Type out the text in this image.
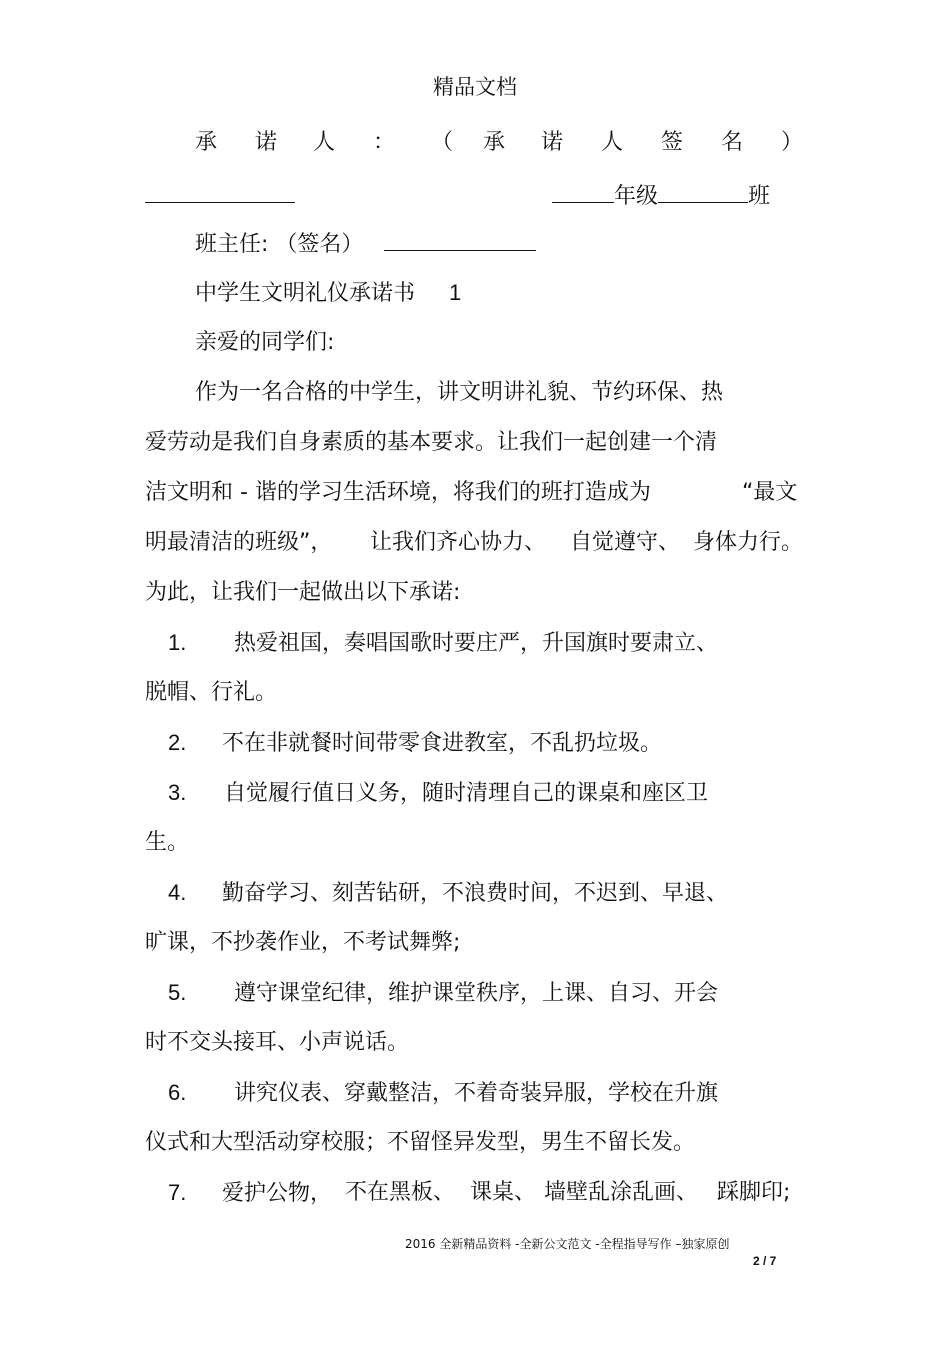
精品文档
承 诺 人 ： （ 承 诺 人 签 名 ）
年级	班
班主任: （签名）
中学生文明礼仪承诺书 1
亲爱的同学们:
作为一名合格的中学生，讲文明讲礼貌、节约环保、热
爱劳动是我们自身素质的基本要求。让我们一起创建一个清
洁文明和 - 谐的学习生活环境，将我们的班打造成为	“最文
明最清洁的班级”， 让我们齐心协力、 自觉遵守、 身体力行。
为此，让我们一起做出以下承诺:
1. 热爱祖国，奏唱国歌时要庄严，升国旗时要肃立、
脱帽、行礼。
2. 不在非就餐时间带零食进教室，不乱扔垃圾。
3. 自觉履行值日义务，随时清理自己的课桌和座区卫
生。
4. 勤奋学习、刻苦钻研，不浪费时间，不迟到、早退、
旷课，不抄袭作业，不考试舞弊;
5. 遵守课堂纪律，维护课堂秩序，上课、自习、开会
时不交头接耳、小声说话。
6. 讲究仪表、穿戴整洁，不着奇装异服，学校在升旗
仪式和大型活动穿校服；不留怪异发型，男生不留长发。
7. 爱护公物， 不在黑板、 课桌、 墙壁乱涂乱画、 踩脚印;
2016 全新精品资料 -全新公文范文 -全程指导写作 –独家原创
2 / 7
